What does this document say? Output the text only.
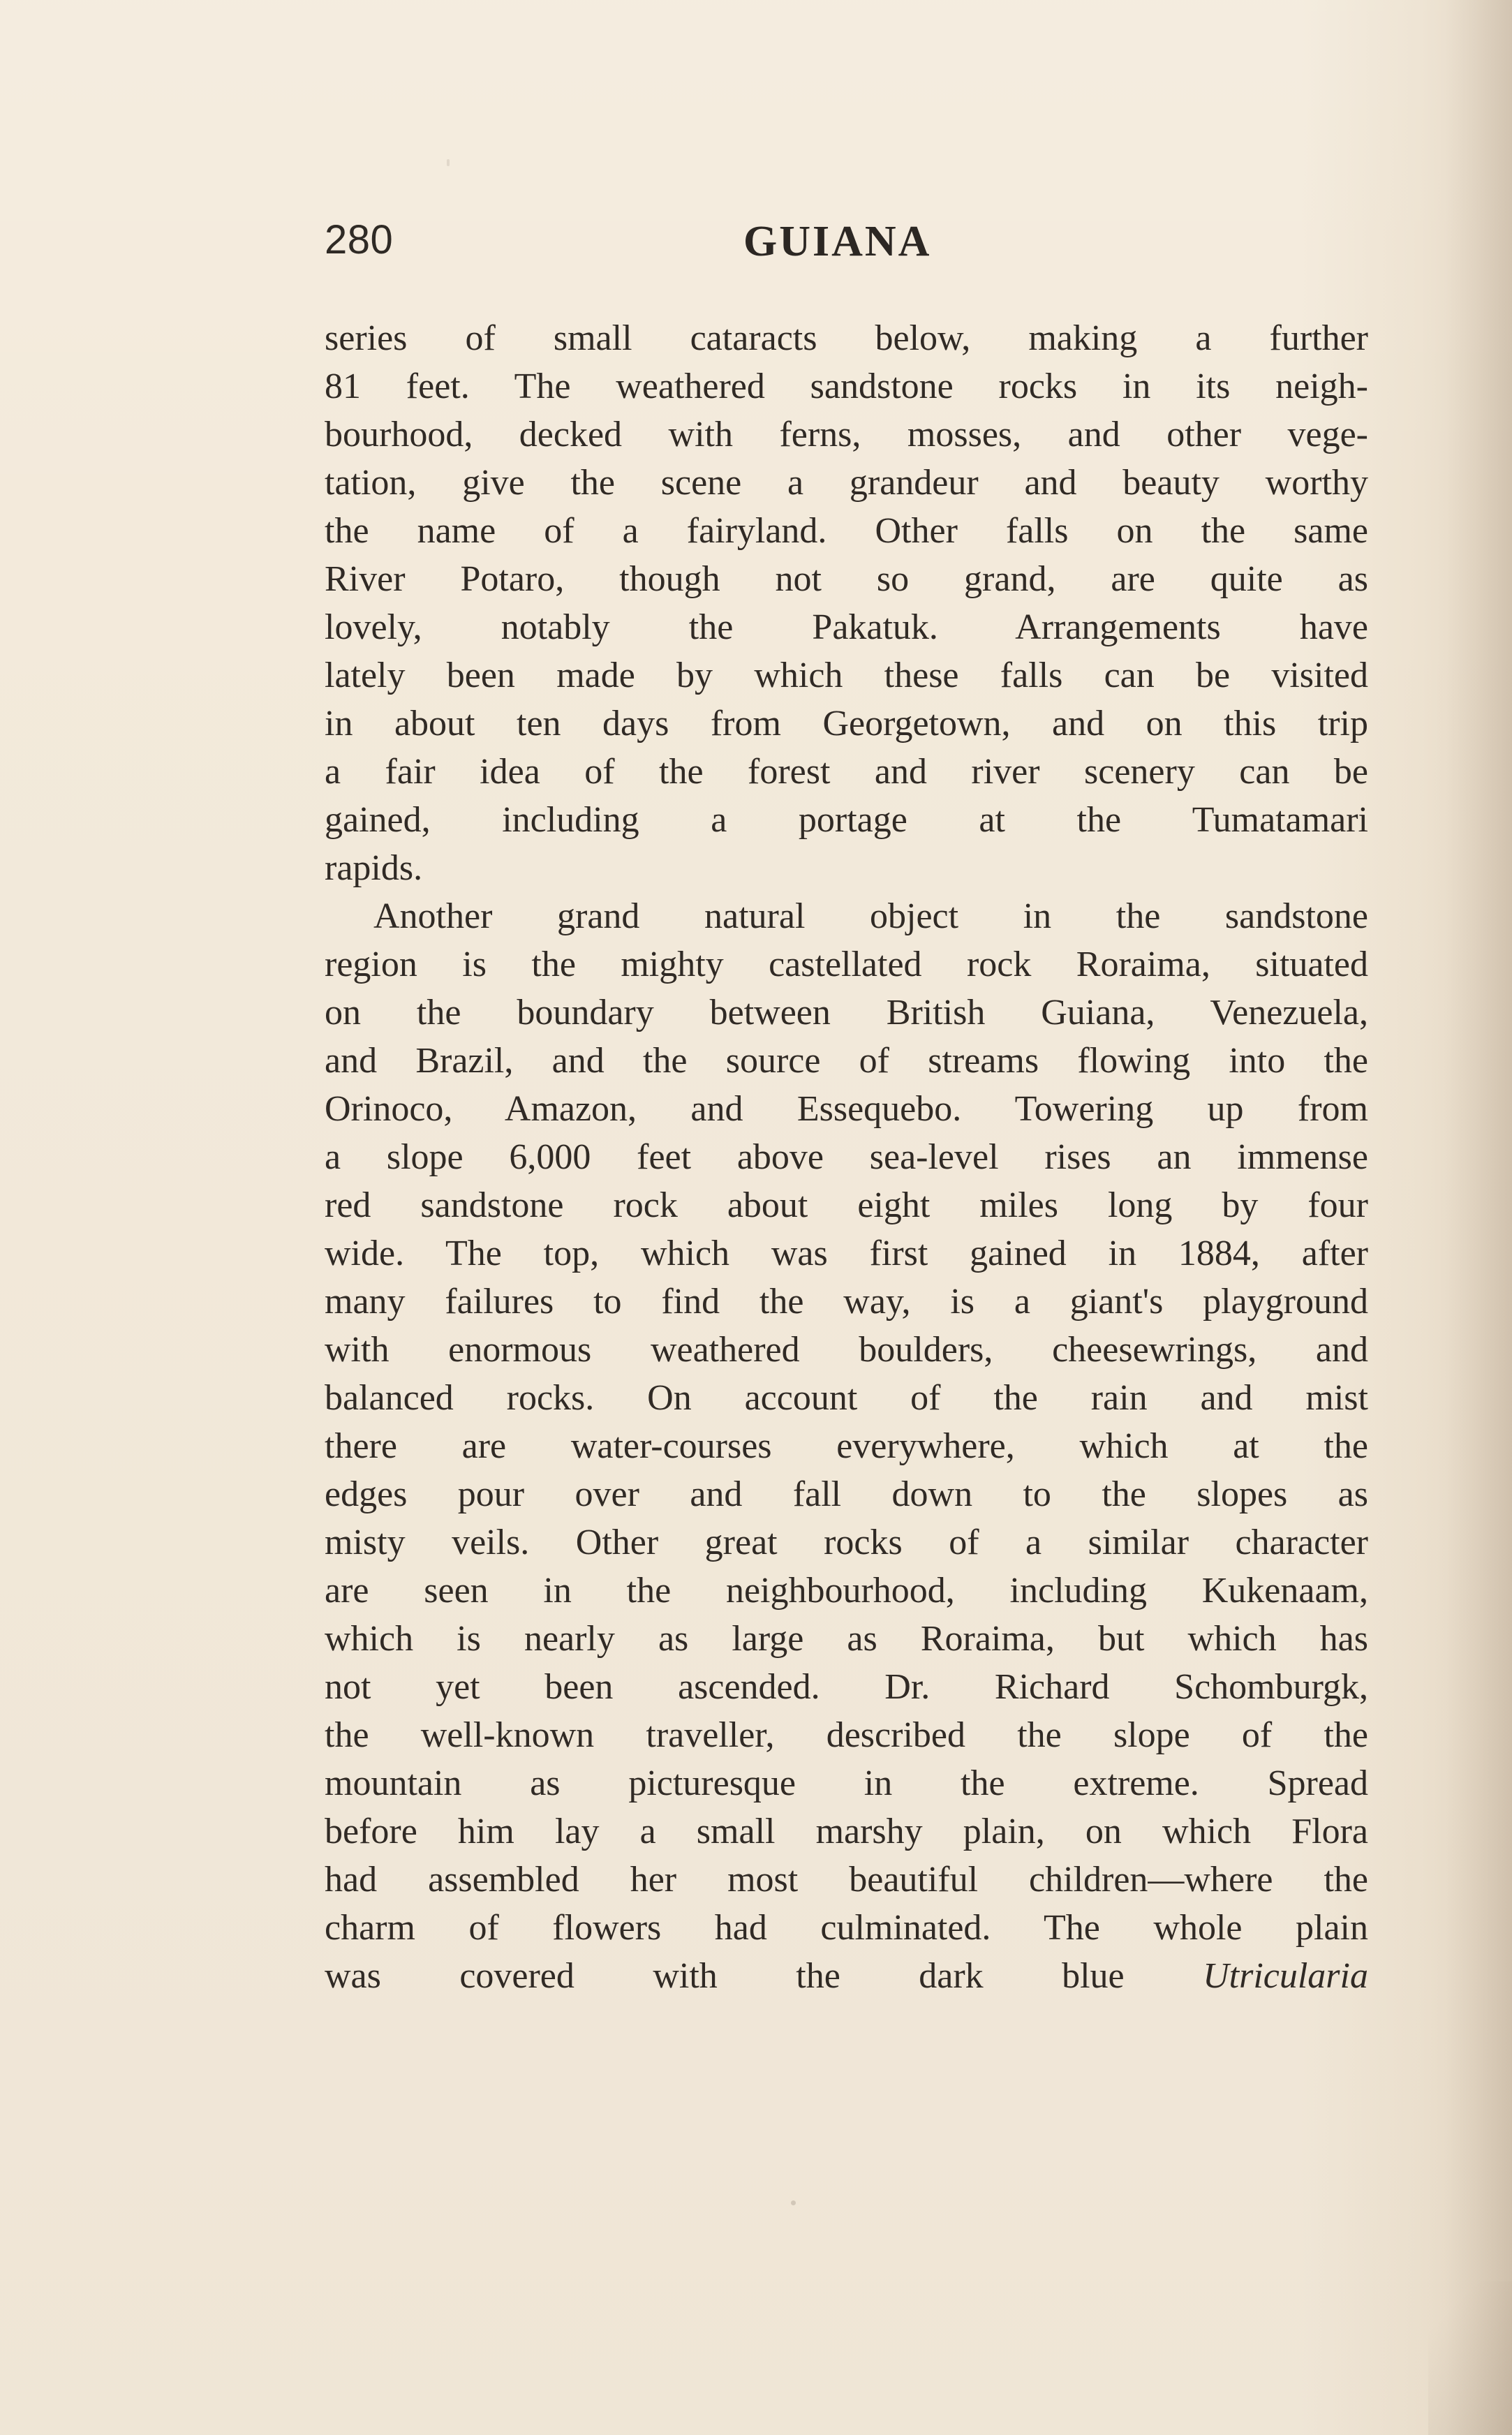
280	GUIANA
series of small cataracts below, making a further
81 feet. The weathered sandstone rocks in its neigh-
bourhood, decked with ferns, mosses, and other vege-
tation, give the scene a grandeur and beauty worthy
the name of a fairyland. Other falls on the same
River Potaro, though not so grand, are quite as
lovely, notably the Pakatuk. Arrangements have
lately been made by which these falls can be visited
in about ten days from Georgetown, and on this trip
a fair idea of the forest and river scenery can be
gained, including a portage at the Tumatamari
rapids.
Another grand natural object in the sandstone
region is the mighty castellated rock Roraima, situated
on the boundary between British Guiana, Venezuela,
and Brazil, and the source of streams flowing into the
Orinoco, Amazon, and Essequebo. Towering up from
a slope 6,000 feet above sea-level rises an immense
red sandstone rock about eight miles long by four
wide. The top, which was first gained in 1884, after
many failures to find the way, is a giant's playground
with enormous weathered boulders, cheesewrings, and
balanced rocks. On account of the rain and mist
there are water-courses everywhere, which at the
edges pour over and fall down to the slopes as
misty veils. Other great rocks of a similar character
are seen in the neighbourhood, including Kukenaam,
which is nearly as large as Roraima, but which has
not yet been ascended. Dr. Richard Schomburgk,
the well-known traveller, described the slope of the
mountain as picturesque in the extreme. Spread
before him lay a small marshy plain, on which Flora
had assembled her most beautiful children—where the
charm of flowers had culminated. The whole plain
was covered with the dark blue Utricularia
